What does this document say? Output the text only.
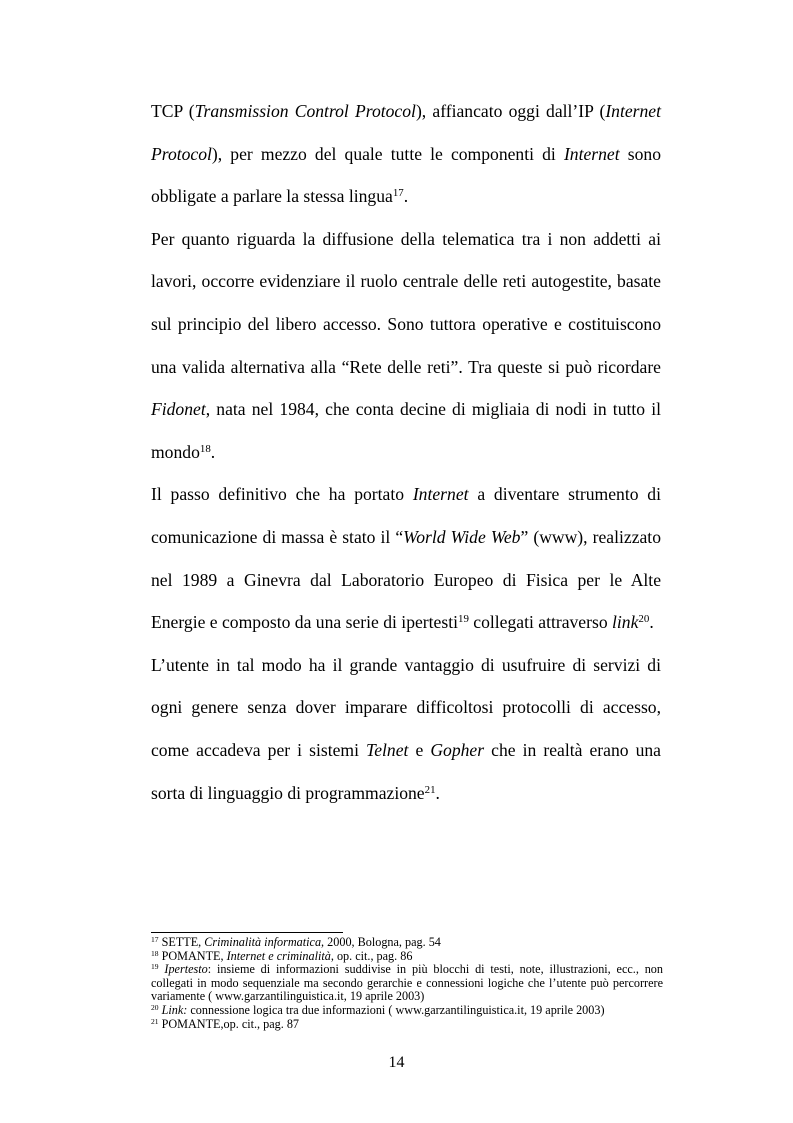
TCP (Transmission Control Protocol), affiancato oggi dall’IP (Internet Protocol), per mezzo del quale tutte le componenti di Internet sono obbligate a parlare la stessa lingua$^{17}$.

Per quanto riguarda la diffusione della telematica tra i non addetti ai lavori, occorre evidenziare il ruolo centrale delle reti autogestite, basate sul principio del libero accesso. Sono tuttora operative e costituiscono una valida alternativa alla “Rete delle reti”. Tra queste si può ricordare Fidonet, nata nel 1984, che conta decine di migliaia di nodi in tutto il mondo$^{18}$.

Il passo definitivo che ha portato Internet a diventare strumento di comunicazione di massa è stato il “World Wide Web” (www), realizzato nel 1989 a Ginevra dal Laboratorio Europeo di Fisica per le Alte Energie e composto da una serie di ipertesti$^{19}$ collegati attraverso link$^{20}$.

L’utente in tal modo ha il grande vantaggio di usufruire di servizi di ogni genere senza dover imparare difficoltosi protocolli di accesso, come accadeva per i sistemi Telnet e Gopher che in realtà erano una sorta di linguaggio di programmazione$^{21}$.

$^{17}$ SETTE, Criminalità informatica, 2000, Bologna, pag. 54
$^{18}$ POMANTE, Internet e criminalità, op. cit., pag. 86
$^{19}$ Ipertesto: insieme di informazioni suddivise in più blocchi di testi, note, illustrazioni, ecc., non collegati in modo sequenziale ma secondo gerarchie e connessioni logiche che l’utente può percorrere variamente ( www.garzantilinguistica.it, 19 aprile 2003)
$^{20}$ Link: connessione logica tra due informazioni ( www.garzantilinguistica.it, 19 aprile 2003)
$^{21}$ POMANTE,op. cit., pag. 87
14
